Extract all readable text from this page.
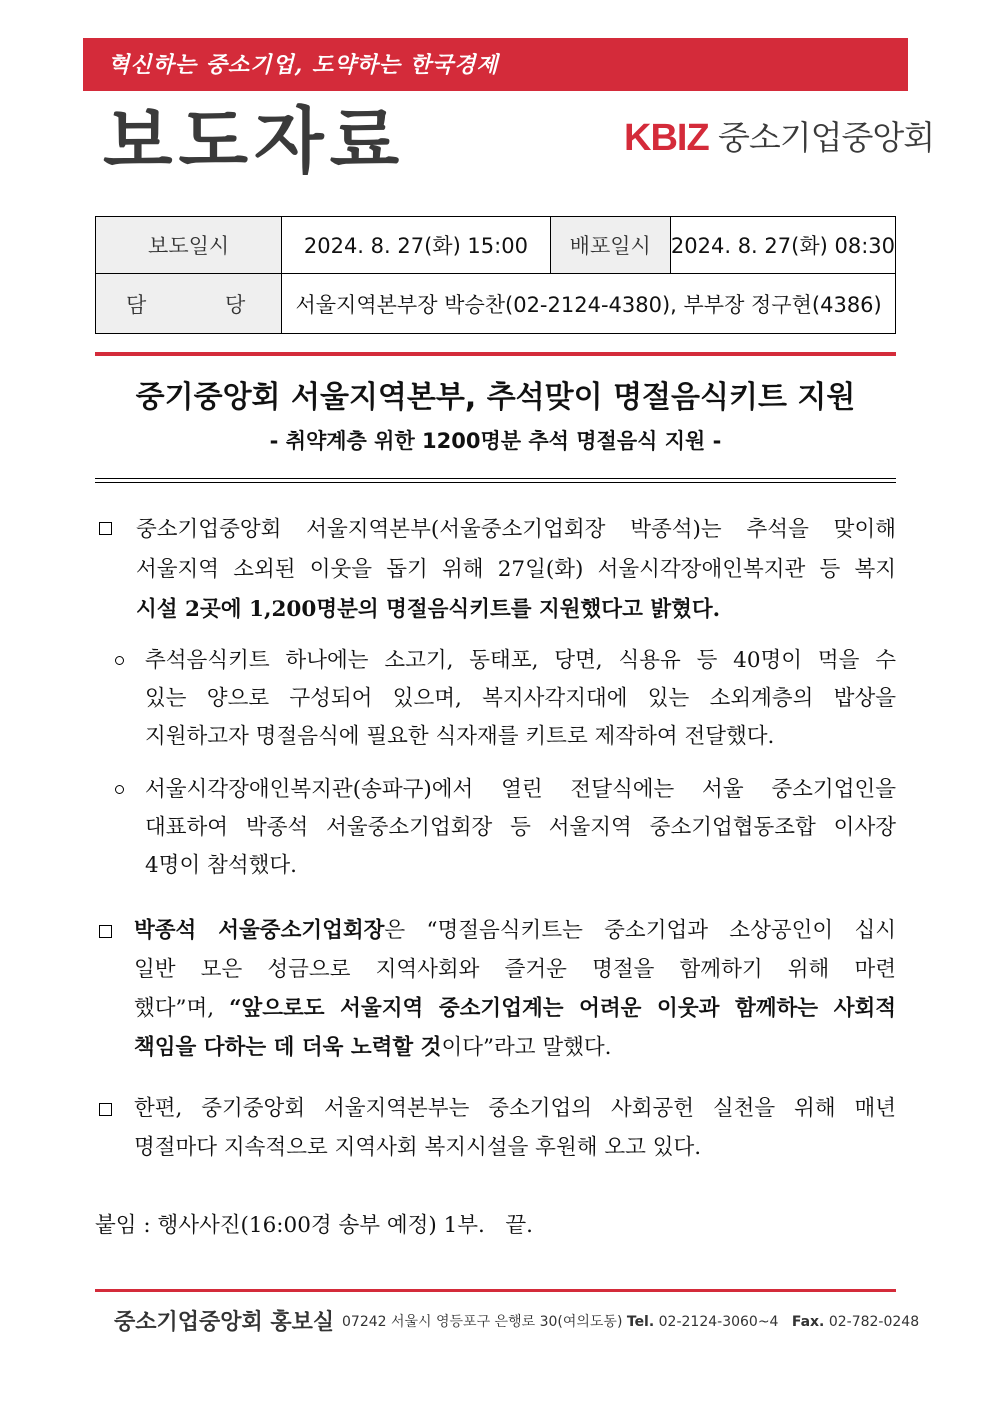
혁신하는 중소기업, 도약하는 한국경제
보도자료	KBIZ 중소기업중앙회
보도일시	2024. 8. 27(화) 15:00	배포일시	2024. 8. 27(화) 08:30
담 당	서울지역본부장 박승찬(02-2124-4380), 부부장 정구현(4386)		
중기중앙회 서울지역본부, 추석맞이 명절음식키트 지원
- 취약계층 위한 1200명분 추석 명절음식 지원 -
중소기업중앙회 서울지역본부(서울중소기업회장 박종석)는 추석을 맞이해
서울지역 소외된 이웃을 돕기 위해 27일(화) 서울시각장애인복지관 등 복지
시설 2곳에 1,200명분의 명절음식키트를 지원했다고 밝혔다.
추석음식키트 하나에는 소고기, 동태포, 당면, 식용유 등 40명이 먹을 수
있는 양으로 구성되어 있으며, 복지사각지대에 있는 소외계층의 밥상을
지원하고자 명절음식에 필요한 식자재를 키트로 제작하여 전달했다.
서울시각장애인복지관(송파구)에서 열린 전달식에는 서울 중소기업인을
대표하여 박종석 서울중소기업회장 등 서울지역 중소기업협동조합 이사장
4명이 참석했다.
박종석 서울중소기업회장은 “명절음식키트는 중소기업과 소상공인이 십시
일반 모은 성금으로 지역사회와 즐거운 명절을 함께하기 위해 마련
했다”며, “앞으로도 서울지역 중소기업계는 어려운 이웃과 함께하는 사회적
책임을 다하는 데 더욱 노력할 것이다”라고 말했다.
한편, 중기중앙회 서울지역본부는 중소기업의 사회공헌 실천을 위해 매년
명절마다 지속적으로 지역사회 복지시설을 후원해 오고 있다.
붙임 : 행사사진(16:00경 송부 예정) 1부.   끝.
중소기업중앙회 홍보실 07242 서울시 영등포구 은행로 30(여의도동) Tel. 02-2124-3060~4 Fax. 02-782-0248
